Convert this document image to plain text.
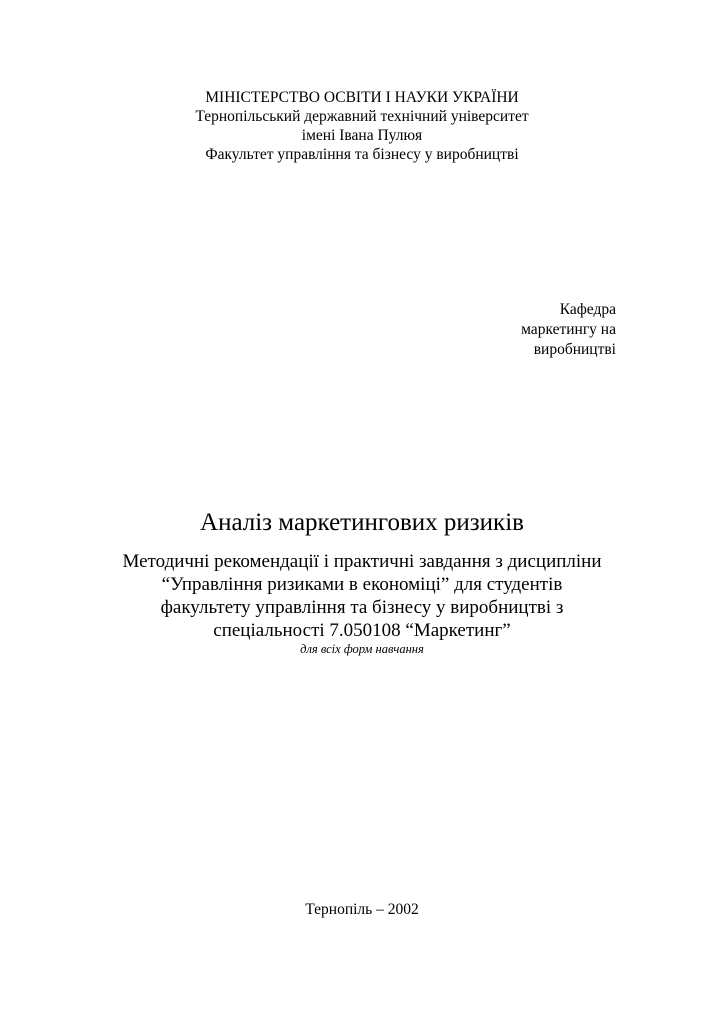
МІНІСТЕРСТВО ОСВІТИ І НАУКИ УКРАЇНИ
Тернопільський державний технічний університет
імені Івана Пулюя
Факультет управління та бізнесу у виробництві
Кафедра
маркетингу на
виробництві
Аналіз маркетингових ризиків
Методичні рекомендації і практичні завдання з дисципліни
“Управління ризиками в економіці” для студентів
факультету управління та бізнесу у виробництві з
спеціальності 7.050108 “Маркетинг”
для всіх форм навчання
Тернопіль – 2002
